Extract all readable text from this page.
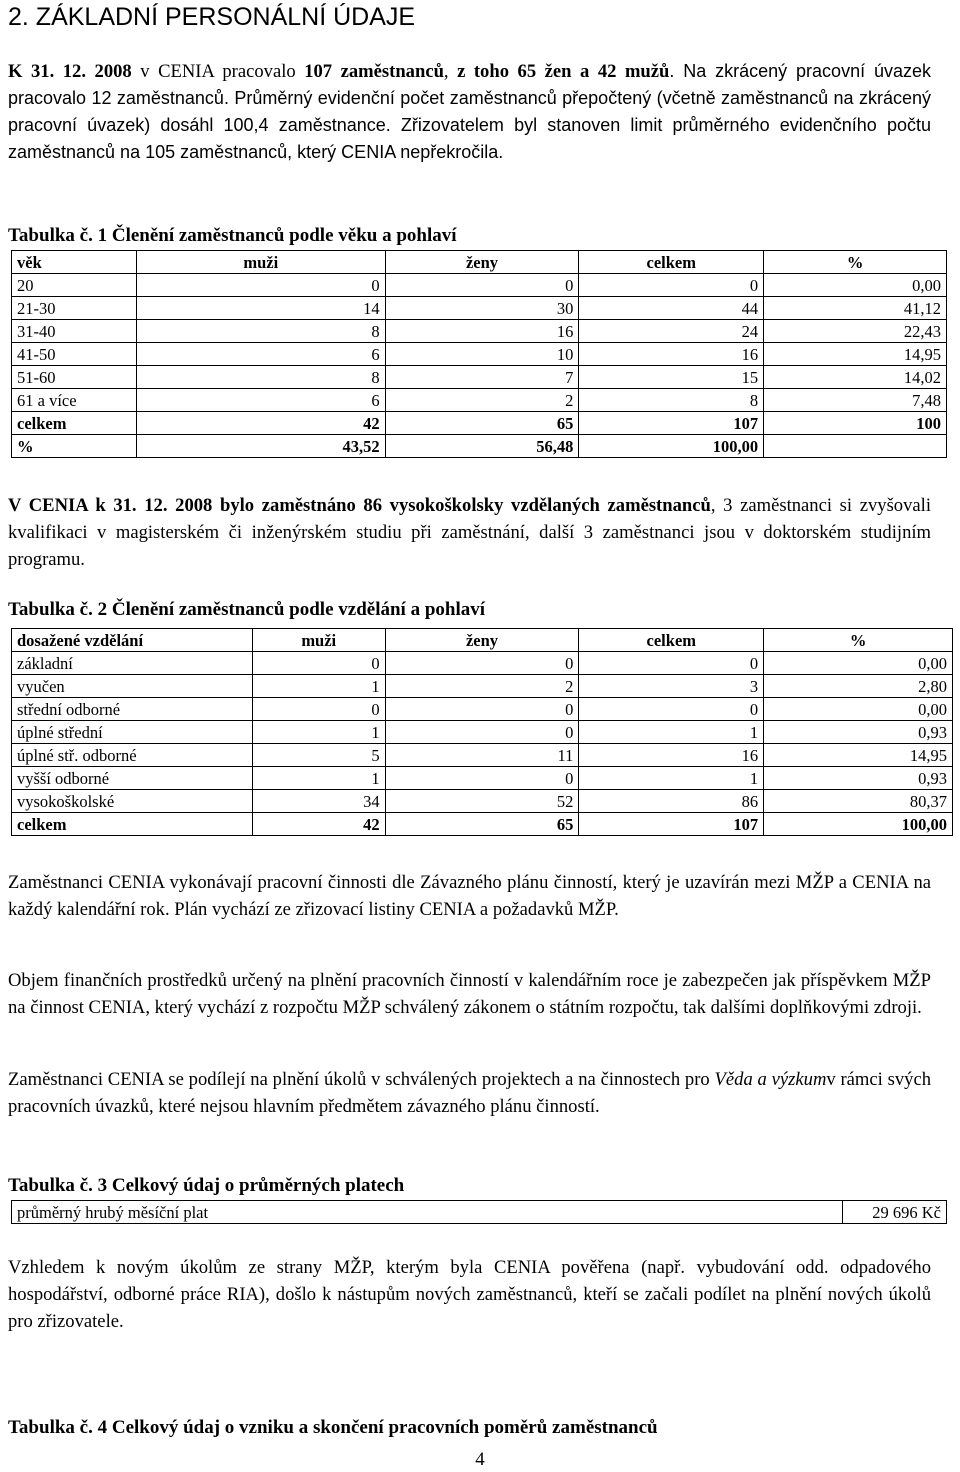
2. ZÁKLADNÍ PERSONÁLNÍ ÚDAJE

K 31. 12. 2008 v CENIA pracovalo 107 zaměstnanců, z toho 65 žen a 42 mužů. Na zkrácený pracovní úvazek pracovalo 12 zaměstnanců. Průměrný evidenční počet zaměstnanců přepočtený (včetně zaměstnanců na zkrácený pracovní úvazek) dosáhl 100,4 zaměstnance. Zřizovatelem byl stanoven limit průměrného evidenčního počtu zaměstnanců na 105 zaměstnanců, který CENIA nepřekročila.

Tabulka č. 1 Členění zaměstnanců podle věku a pohlaví
věk	muži	ženy	celkem	%
20	0	0	0	0,00
21-30	14	30	44	41,12
31-40	8	16	24	22,43
41-50	6	10	16	14,95
51-60	8	7	15	14,02
61 a více	6	2	8	7,48
celkem	42	65	107	100
%	43,52	56,48	100,00	

V CENIA k 31. 12. 2008 bylo zaměstnáno 86 vysokoškolsky vzdělaných zaměstnanců, 3 zaměstnanci si zvyšovali kvalifikaci v magisterském či inženýrském studiu při zaměstnání, další 3 zaměstnanci jsou v doktorském studijním programu.

Tabulka č. 2 Členění zaměstnanců podle vzdělání a pohlaví
dosažené vzdělání	muži	ženy	celkem	%
základní	0	0	0	0,00
vyučen	1	2	3	2,80
střední odborné	0	0	0	0,00
úplné střední	1	0	1	0,93
úplné stř. odborné	5	11	16	14,95
vyšší odborné	1	0	1	0,93
vysokoškolské	34	52	86	80,37
celkem	42	65	107	100,00

Zaměstnanci CENIA vykonávají pracovní činnosti dle Závazného plánu činností, který je uzavírán mezi MŽP a CENIA na každý kalendářní rok. Plán vychází ze zřizovací listiny CENIA a požadavků MŽP.

Objem finančních prostředků určený na plnění pracovních činností v kalendářním roce je zabezpečen jak příspěvkem MŽP na činnost CENIA, který vychází z rozpočtu MŽP schválený zákonem o státním rozpočtu, tak dalšími doplňkovými zdroji.

Zaměstnanci CENIA se podílejí na plnění úkolů v schválených projektech a na činnostech pro Věda a výzkumv rámci svých pracovních úvazků, které nejsou hlavním předmětem závazného plánu činností.

Tabulka č. 3 Celkový údaj o průměrných platech
průměrný hrubý měsíční plat	29 696 Kč

Vzhledem k novým úkolům ze strany MŽP, kterým byla CENIA pověřena (např. vybudování odd. odpadového hospodářství, odborné práce RIA), došlo k nástupům nových zaměstnanců, kteří se začali podílet na plnění nových úkolů pro zřizovatele.

Tabulka č. 4 Celkový údaj o vzniku a skončení pracovních poměrů zaměstnanců
4
